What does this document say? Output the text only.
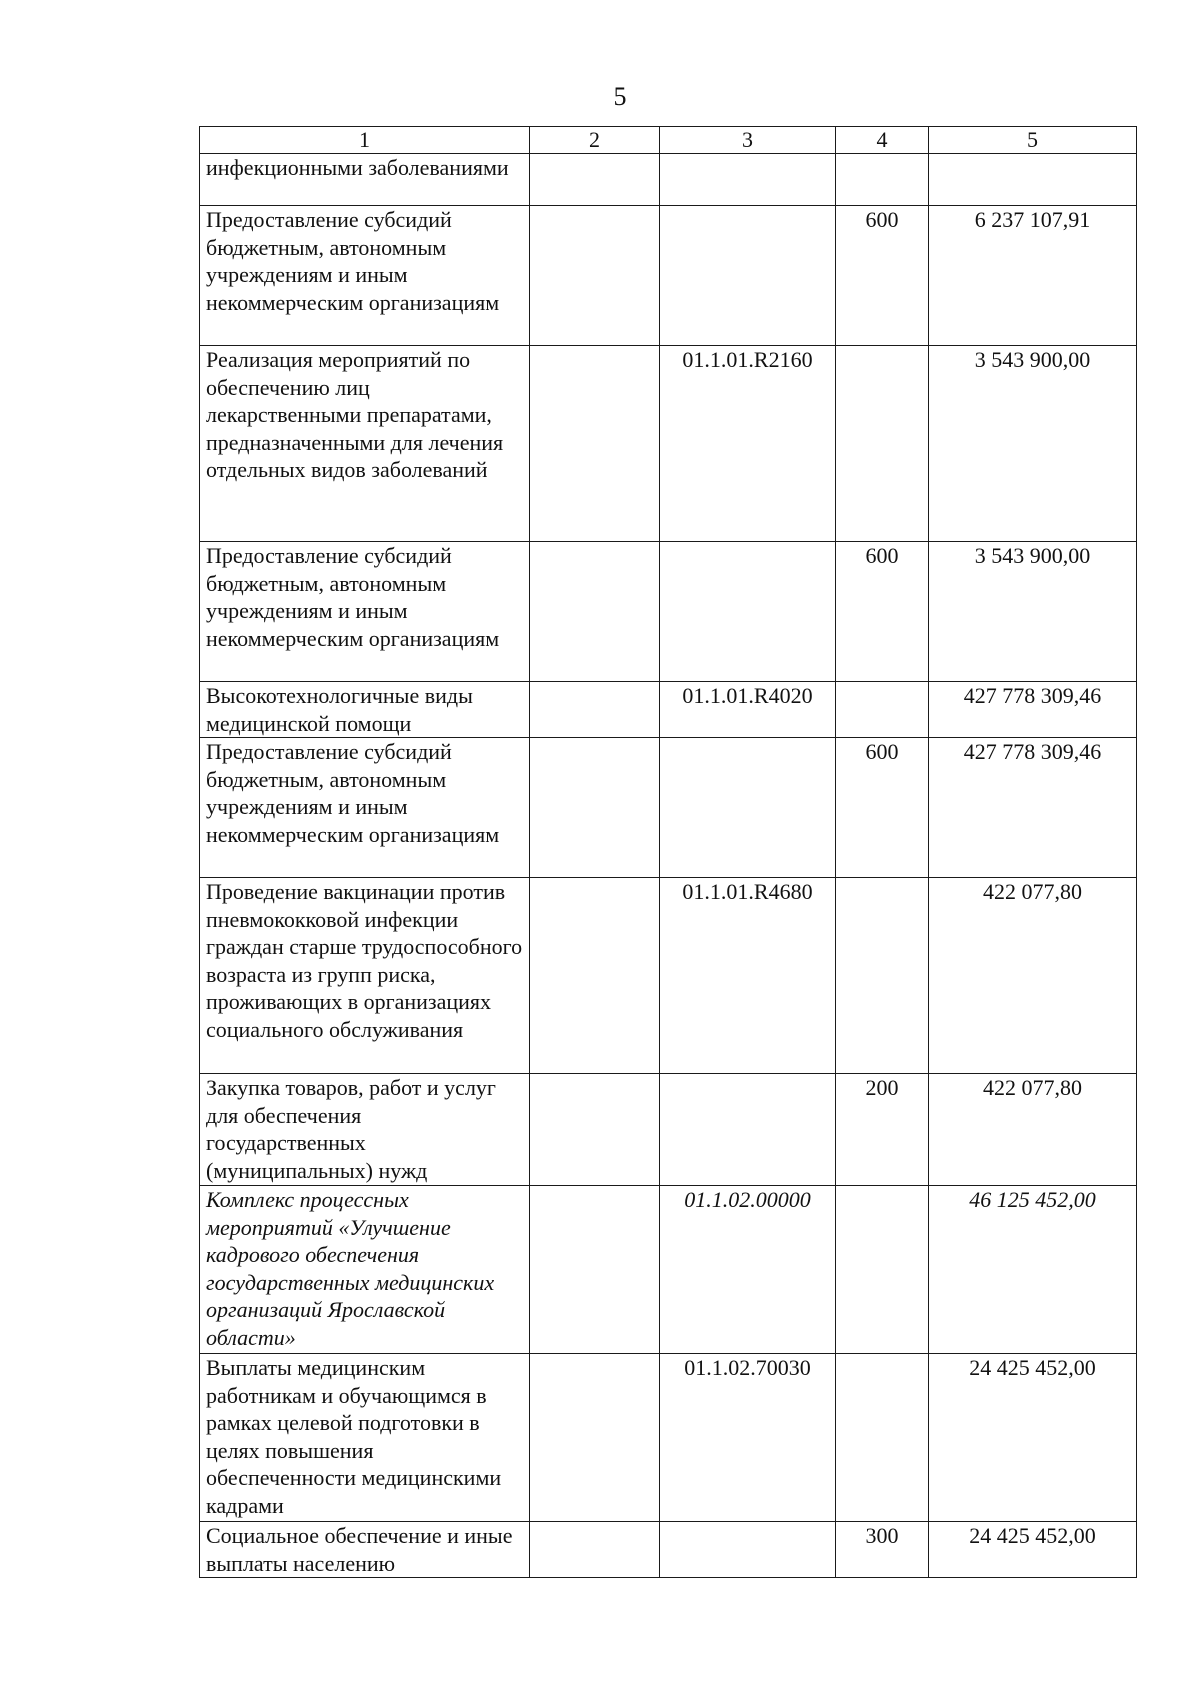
5
1	2	3	4	5
инфекционными заболеваниями				
Предоставление субсидий бюджетным, автономным учреждениям и иным некоммерческим организациям			600	6 237 107,91
Реализация мероприятий по обеспечению лиц лекарственными препаратами, предназначенными для лечения отдельных видов заболеваний		01.1.01.R2160		3 543 900,00
Предоставление субсидий бюджетным, автономным учреждениям и иным некоммерческим организациям			600	3 543 900,00
Высокотехнологичные виды медицинской помощи		01.1.01.R4020		427 778 309,46
Предоставление субсидий бюджетным, автономным учреждениям и иным некоммерческим организациям			600	427 778 309,46
Проведение вакцинации против пневмококковой инфекции граждан старше трудоспособного возраста из групп риска, проживающих в организациях социального обслуживания		01.1.01.R4680		422 077,80
Закупка товаров, работ и услуг для обеспечения государственных (муниципальных) нужд			200	422 077,80
Комплекс процессных мероприятий «Улучшение кадрового обеспечения государственных медицинских организаций Ярославской области»		01.1.02.00000		46 125 452,00
Выплаты медицинским работникам и обучающимся в рамках целевой подготовки в целях повышения обеспеченности медицинскими кадрами		01.1.02.70030		24 425 452,00
Социальное обеспечение и иные выплаты населению			300	24 425 452,00
